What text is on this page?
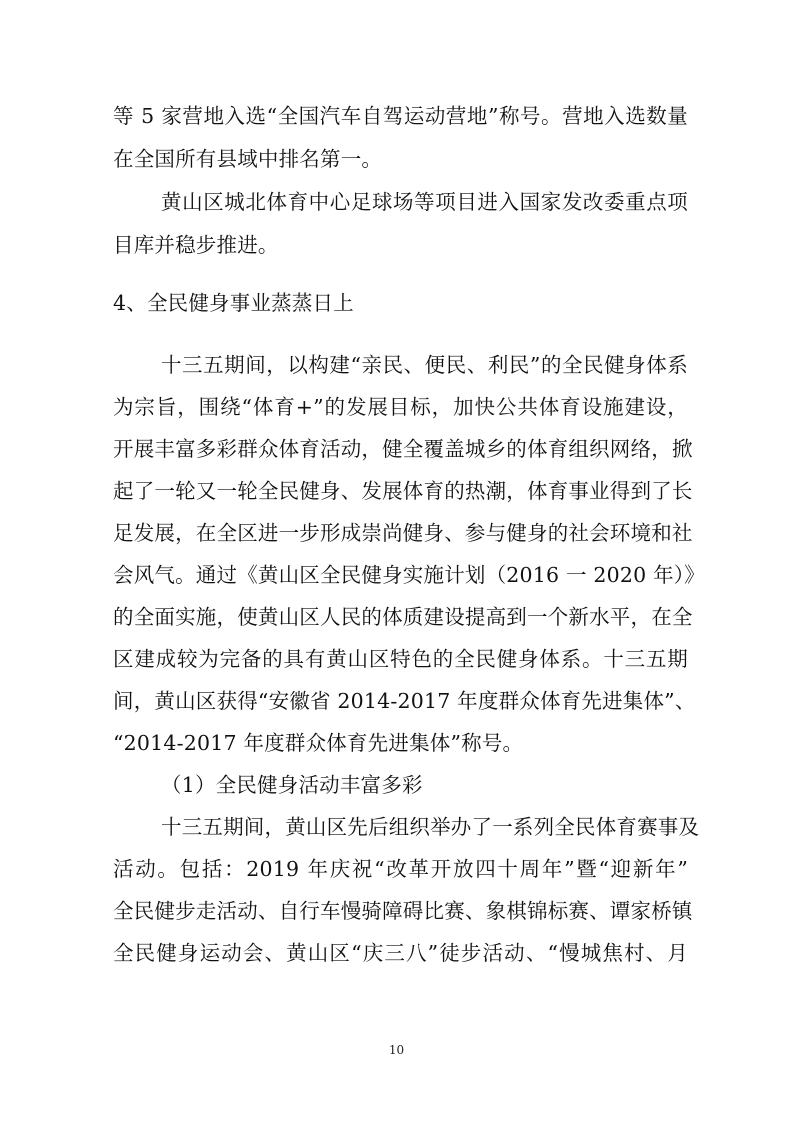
等 5 家营地入选“全国汽车自驾运动营地”称号。营地入选数量
在全国所有县域中排名第一。
黄山区城北体育中心足球场等项目进入国家发改委重点项
目库并稳步推进。
4、全民健身事业蒸蒸日上
十三五期间，以构建“亲民、便民、利民”的全民健身体系
为宗旨，围绕“体育+”的发展目标，加快公共体育设施建设，
开展丰富多彩群众体育活动，健全覆盖城乡的体育组织网络，掀
起了一轮又一轮全民健身、发展体育的热潮，体育事业得到了长
足发展，在全区进一步形成崇尚健身、参与健身的社会环境和社
会风气。通过《黄山区全民健身实施计划（2016 一 2020 年）》
的全面实施，使黄山区人民的体质建设提高到一个新水平，在全
区建成较为完备的具有黄山区特色的全民健身体系。十三五期
间，黄山区获得“安徽省 2014-2017 年度群众体育先进集体”、
“2014-2017 年度群众体育先进集体”称号。
（1）全民健身活动丰富多彩
十三五期间，黄山区先后组织举办了一系列全民体育赛事及
活动。包括：2019 年庆祝“改革开放四十周年”暨“迎新年”
全民健步走活动、自行车慢骑障碍比赛、象棋锦标赛、谭家桥镇
全民健身运动会、黄山区“庆三八”徒步活动、“慢城焦村、月
10
